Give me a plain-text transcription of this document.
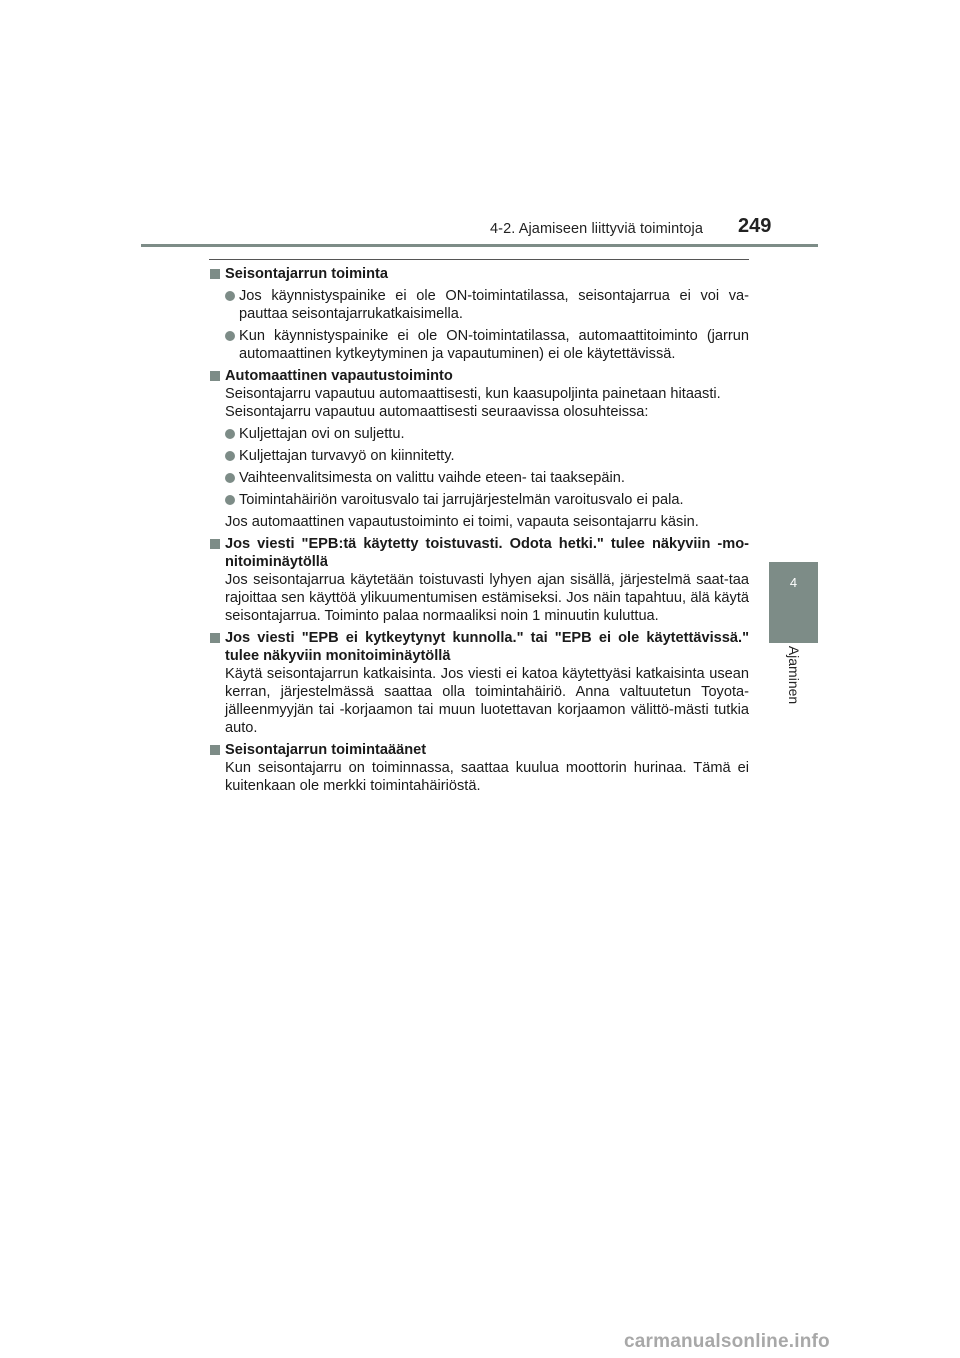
4-2. Ajamiseen liittyviä toimintoja 249
4
Ajaminen
Seisontajarrun toiminta
Jos käynnistyspainike ei ole ON-toimintatilassa, seisontajarrua ei voi va-pauttaa seisontajarrukatkaisimella.
Kun käynnistyspainike ei ole ON-toimintatilassa, automaattitoiminto (jarrun automaattinen kytkeytyminen ja vapautuminen) ei ole käytettävissä.
Automaattinen vapautustoiminto
Seisontajarru vapautuu automaattisesti, kun kaasupoljinta painetaan hitaasti.
Seisontajarru vapautuu automaattisesti seuraavissa olosuhteissa:
Kuljettajan ovi on suljettu.
Kuljettajan turvavyö on kiinnitetty.
Vaihteenvalitsimesta on valittu vaihde eteen- tai taaksepäin.
Toimintahäiriön varoitusvalo tai jarrujärjestelmän varoitusvalo ei pala.
Jos automaattinen vapautustoiminto ei toimi, vapauta seisontajarru käsin.
Jos viesti "EPB:tä käytetty toistuvasti. Odota hetki." tulee näkyviin -mo-nitoiminäytöllä
Jos seisontajarrua käytetään toistuvasti lyhyen ajan sisällä, järjestelmä saat-taa rajoittaa sen käyttöä ylikuumentumisen estämiseksi. Jos näin tapahtuu, älä käytä seisontajarrua. Toiminto palaa normaaliksi noin 1 minuutin kuluttua.
Jos viesti "EPB ei kytkeytynyt kunnolla." tai "EPB ei ole käytettävissä." tulee näkyviin monitoiminäytöllä
Käytä seisontajarrun katkaisinta. Jos viesti ei katoa käytettyäsi katkaisinta usean kerran, järjestelmässä saattaa olla toimintahäiriö. Anna valtuutetun Toyota-jälleenmyyjän tai -korjaamon tai muun luotettavan korjaamon välittö-mästi tutkia auto.
Seisontajarrun toimintaäänet
Kun seisontajarru on toiminnassa, saattaa kuulua moottorin hurinaa. Tämä ei kuitenkaan ole merkki toimintahäiriöstä.
carmanualsonline.info
